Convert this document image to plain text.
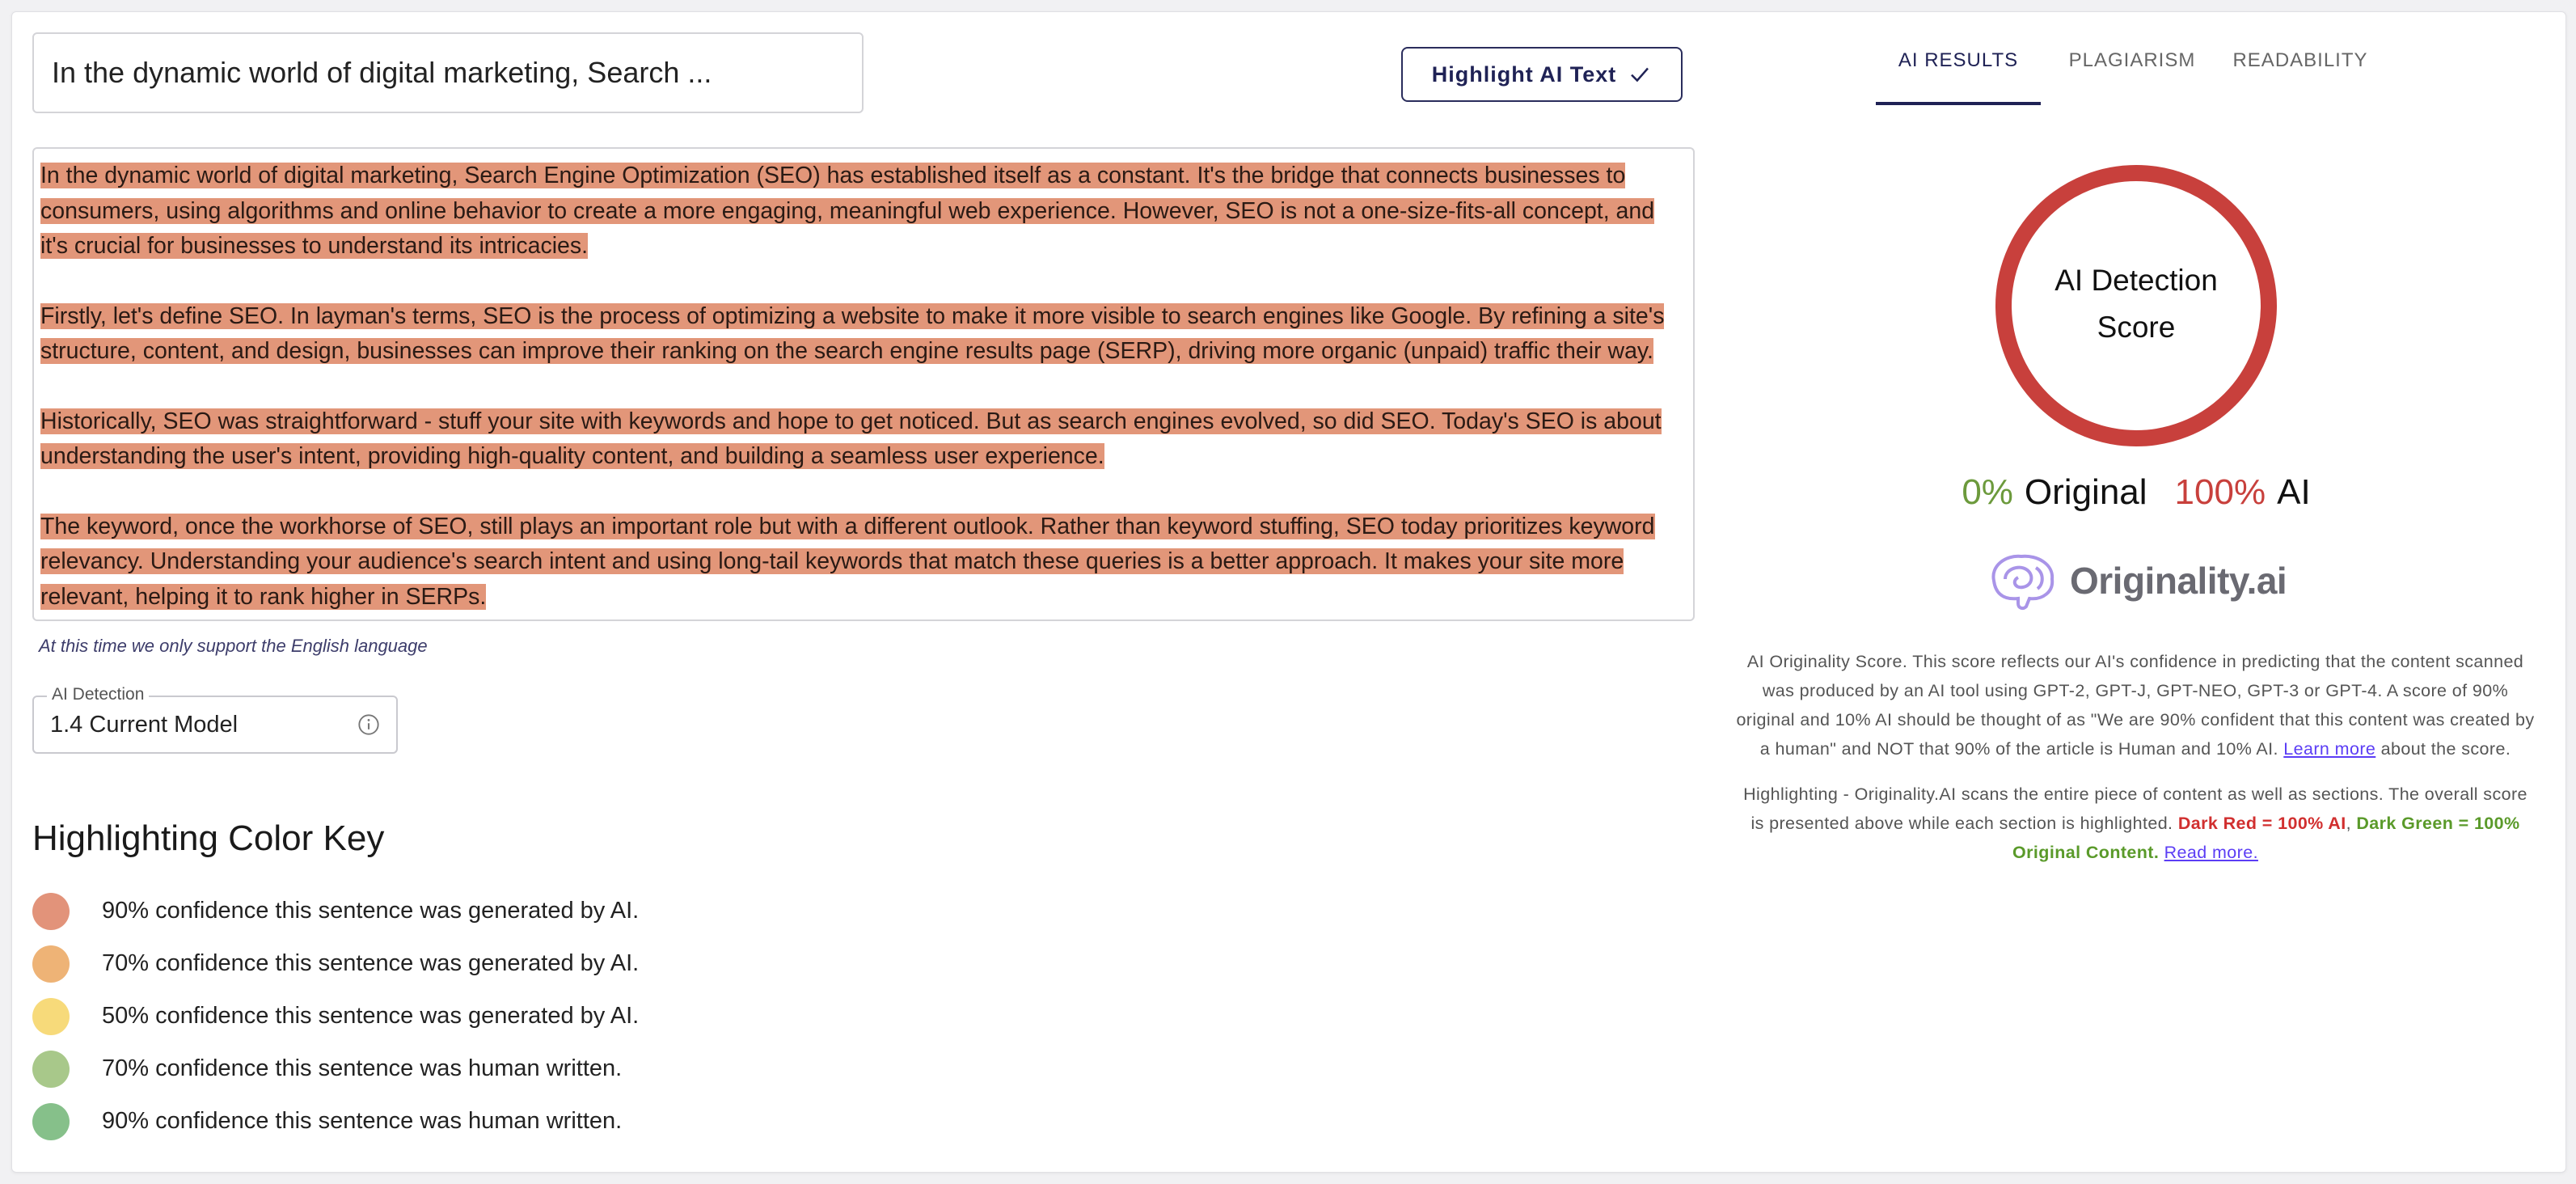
In the dynamic world of digital marketing, Search ...	Highlight AI Text

In the dynamic world of digital marketing, Search Engine Optimization (SEO) has established itself as a constant. It's the bridge that connects businesses to consumers, using algorithms and online behavior to create a more engaging, meaningful web experience. However, SEO is not a one-size-fits-all concept, and it's crucial for businesses to understand its intricacies.

Firstly, let's define SEO. In layman's terms, SEO is the process of optimizing a website to make it more visible to search engines like Google. By refining a site's structure, content, and design, businesses can improve their ranking on the search engine results page (SERP), driving more organic (unpaid) traffic their way.

Historically, SEO was straightforward - stuff your site with keywords and hope to get noticed. But as search engines evolved, so did SEO. Today's SEO is about understanding the user's intent, providing high-quality content, and building a seamless user experience.

The keyword, once the workhorse of SEO, still plays an important role but with a different outlook. Rather than keyword stuffing, SEO today prioritizes keyword relevancy. Understanding your audience's search intent and using long-tail keywords that match these queries is a better approach. It makes your site more relevant, helping it to rank higher in SERPs.

At this time we only support the English language
AI Detection
1.4 Current Model
Highlighting Color Key
90% confidence this sentence was generated by AI.
70% confidence this sentence was generated by AI.
50% confidence this sentence was generated by AI.
70% confidence this sentence was human written.
90% confidence this sentence was human written.
AI RESULTS	PLAGIARISM	READABILITY
AI Detection
Score
0% Original 100% AI
Originality.ai

AI Originality Score. This score reflects our AI's confidence in predicting that the content scanned was produced by an AI tool using GPT-2, GPT-J, GPT-NEO, GPT-3 or GPT-4. A score of 90% original and 10% AI should be thought of as "We are 90% confident that this content was created by a human" and NOT that 90% of the article is Human and 10% AI. Learn more about the score.

Highlighting - Originality.AI scans the entire piece of content as well as sections. The overall score is presented above while each section is highlighted. Dark Red = 100% AI, Dark Green = 100% Original Content. Read more.
